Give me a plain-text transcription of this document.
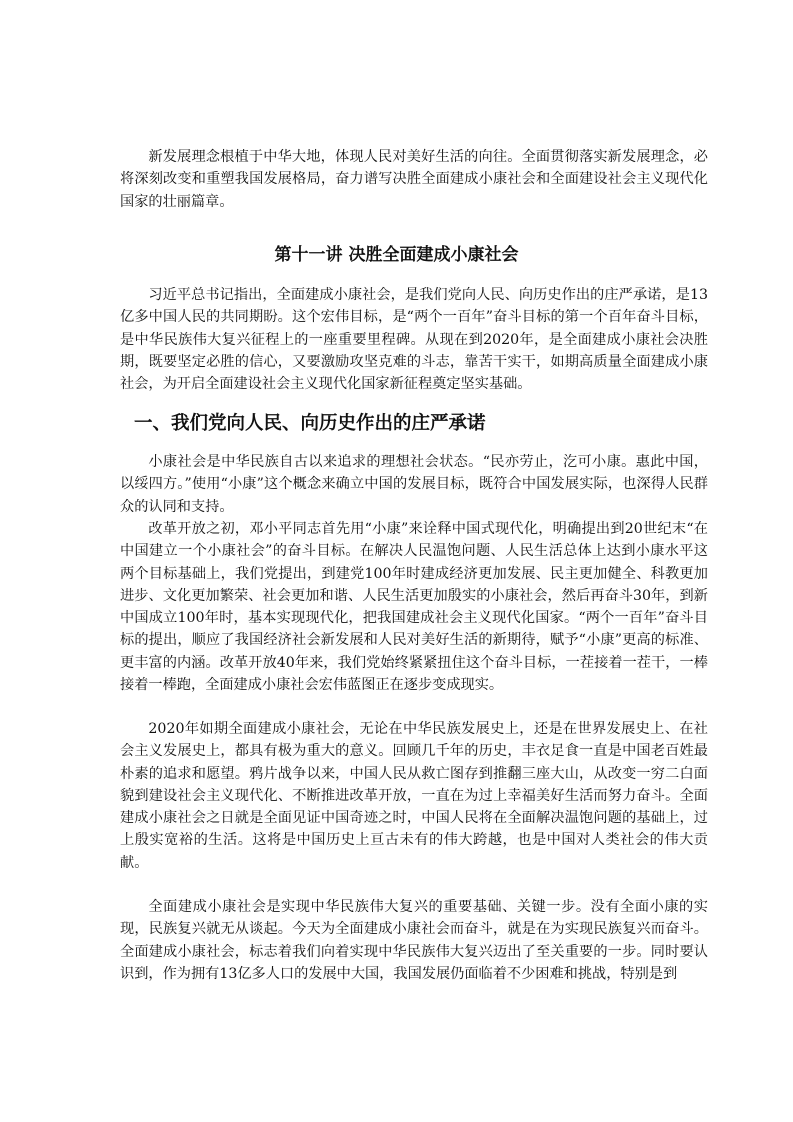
新发展理念根植于中华大地，体现人民对美好生活的向往。全面贯彻落实新发展理念，必将深刻改变和重塑我国发展格局，奋力谱写决胜全面建成小康社会和全面建设社会主义现代化国家的壮丽篇章。

第十一讲 决胜全面建成小康社会

习近平总书记指出，全面建成小康社会，是我们党向人民、向历史作出的庄严承诺，是13亿多中国人民的共同期盼。这个宏伟目标，是“两个一百年”奋斗目标的第一个百年奋斗目标，是中华民族伟大复兴征程上的一座重要里程碑。从现在到2020年，是全面建成小康社会决胜期，既要坚定必胜的信心，又要激励攻坚克难的斗志，靠苦干实干，如期高质量全面建成小康社会，为开启全面建设社会主义现代化国家新征程奠定坚实基础。

一、我们党向人民、向历史作出的庄严承诺

小康社会是中华民族自古以来追求的理想社会状态。“民亦劳止，汔可小康。惠此中国，以绥四方。”使用“小康”这个概念来确立中国的发展目标，既符合中国发展实际，也深得人民群众的认同和支持。

改革开放之初，邓小平同志首先用“小康”来诠释中国式现代化，明确提出到20世纪末“在中国建立一个小康社会”的奋斗目标。在解决人民温饱问题、人民生活总体上达到小康水平这两个目标基础上，我们党提出，到建党100年时建成经济更加发展、民主更加健全、科教更加进步、文化更加繁荣、社会更加和谐、人民生活更加殷实的小康社会，然后再奋斗30年，到新中国成立100年时，基本实现现代化，把我国建成社会主义现代化国家。“两个一百年”奋斗目标的提出，顺应了我国经济社会新发展和人民对美好生活的新期待，赋予“小康”更高的标准、更丰富的内涵。改革开放40年来，我们党始终紧紧扭住这个奋斗目标，一茬接着一茬干，一棒接着一棒跑，全面建成小康社会宏伟蓝图正在逐步变成现实。

2020年如期全面建成小康社会，无论在中华民族发展史上，还是在世界发展史上、在社会主义发展史上，都具有极为重大的意义。回顾几千年的历史，丰衣足食一直是中国老百姓最朴素的追求和愿望。鸦片战争以来，中国人民从救亡图存到推翻三座大山，从改变一穷二白面貌到建设社会主义现代化、不断推进改革开放，一直在为过上幸福美好生活而努力奋斗。全面建成小康社会之日就是全面见证中国奇迹之时，中国人民将在全面解决温饱问题的基础上，过上殷实宽裕的生活。这将是中国历史上亘古未有的伟大跨越，也是中国对人类社会的伟大贡献。

全面建成小康社会是实现中华民族伟大复兴的重要基础、关键一步。没有全面小康的实现，民族复兴就无从谈起。今天为全面建成小康社会而奋斗，就是在为实现民族复兴而奋斗。全面建成小康社会，标志着我们向着实现中华民族伟大复兴迈出了至关重要的一步。同时要认识到，作为拥有13亿多人口的发展中大国，我国发展仍面临着不少困难和挑战，特别是到
